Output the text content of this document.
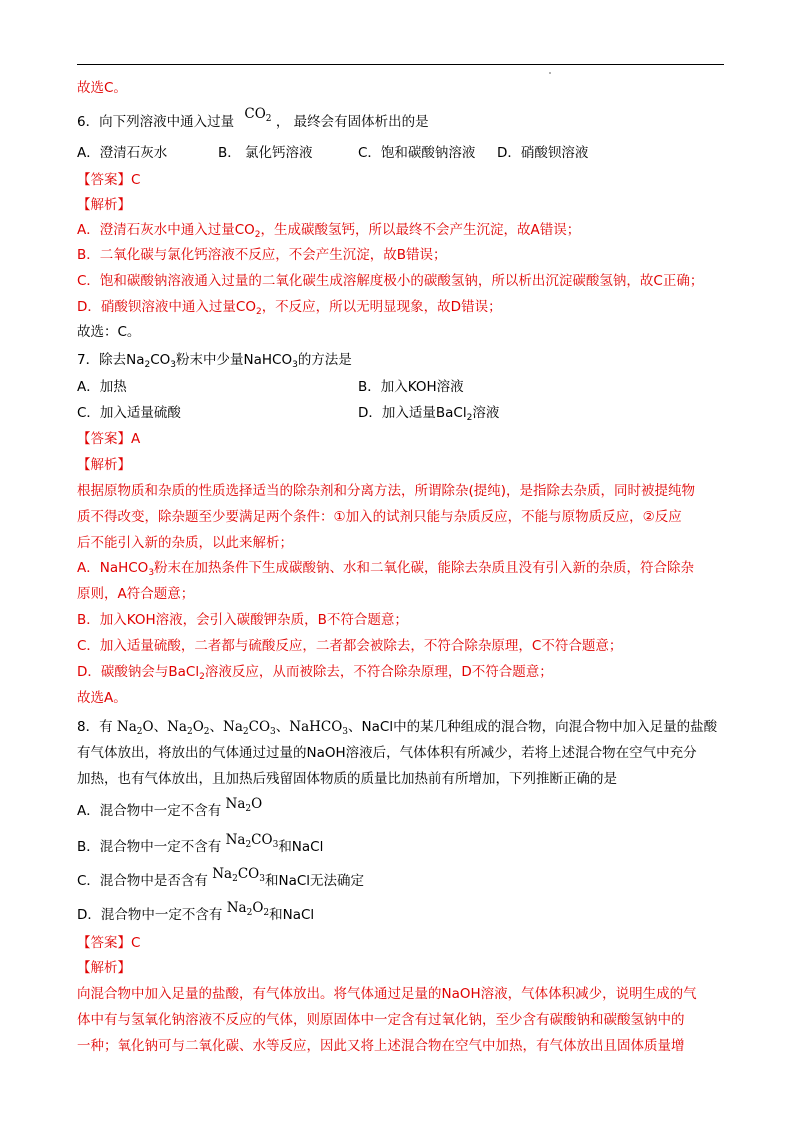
故选C。
6．向下列溶液中通入过量 $CO_2$ ， 最终会有固体析出的是
A．澄清石灰水	B． 氯化钙溶液	C．饱和碳酸钠溶液 D．硝酸钡溶液
【答案】C
【解析】
A．澄清石灰水中通入过量$CO_2$，生成碳酸氢钙，所以最终不会产生沉淀，故A错误；
B．二氧化碳与氯化钙溶液不反应，不会产生沉淀，故B错误；
C．饱和碳酸钠溶液通入过量的二氧化碳生成溶解度极小的碳酸氢钠，所以析出沉淀碳酸氢钠，故C正确；
D．硝酸钡溶液中通入过量$CO_2$，不反应，所以无明显现象，故D错误；
故选：C。
7．除去$Na_2CO_3$粉末中少量NaHCO$_3$的方法是
A．加热	B．加入KOH溶液
C．加入适量硫酸	D．加入适量BaCl$_2$溶液
【答案】A
【解析】
根据原物质和杂质的性质选择适当的除杂剂和分离方法，所谓除杂(提纯)，是指除去杂质，同时被提纯物
质不得改变，除杂题至少要满足两个条件：①加入的试剂只能与杂质反应，不能与原物质反应，②反应
后不能引入新的杂质，以此来解析；
A．NaHCO$_3$粉末在加热条件下生成碳酸钠、水和二氧化碳，能除去杂质且没有引入新的杂质，符合除杂
原则，A符合题意；
B．加入KOH溶液，会引入碳酸钾杂质，B不符合题意；
C．加入适量硫酸，二者都与硫酸反应，二者都会被除去，不符合除杂原理，C不符合题意；
D．碳酸钠会与BaCl$_2$溶液反应，从而被除去，不符合除杂原理，D不符合题意；
故选A。
8．有 $Na_2O$、$Na_2O_2$、$Na_2CO_3$、NaHCO$_3$、NaCl中的某几种组成的混合物，向混合物中加入足量的盐酸
有气体放出，将放出的气体通过过量的NaOH溶液后，气体体积有所减少，若将上述混合物在空气中充分
加热，也有气体放出，且加热后残留固体物质的质量比加热前有所增加，下列推断正确的是
A．混合物中一定不含有 $Na_2O$
B．混合物中一定不含有 $Na_2CO_3$和NaCl
C．混合物中是否含有 $Na_2CO_3$和NaCl无法确定
D．混合物中一定不含有 $Na_2O_2$和NaCl
【答案】C
【解析】
向混合物中加入足量的盐酸，有气体放出。将气体通过足量的NaOH溶液，气体体积减少，说明生成的气
体中有与氢氧化钠溶液不反应的气体，则原固体中一定含有过氧化钠，至少含有碳酸钠和碳酸氢钠中的
一种；氧化钠可与二氧化碳、水等反应，因此又将上述混合物在空气中加热，有气体放出且固体质量增
